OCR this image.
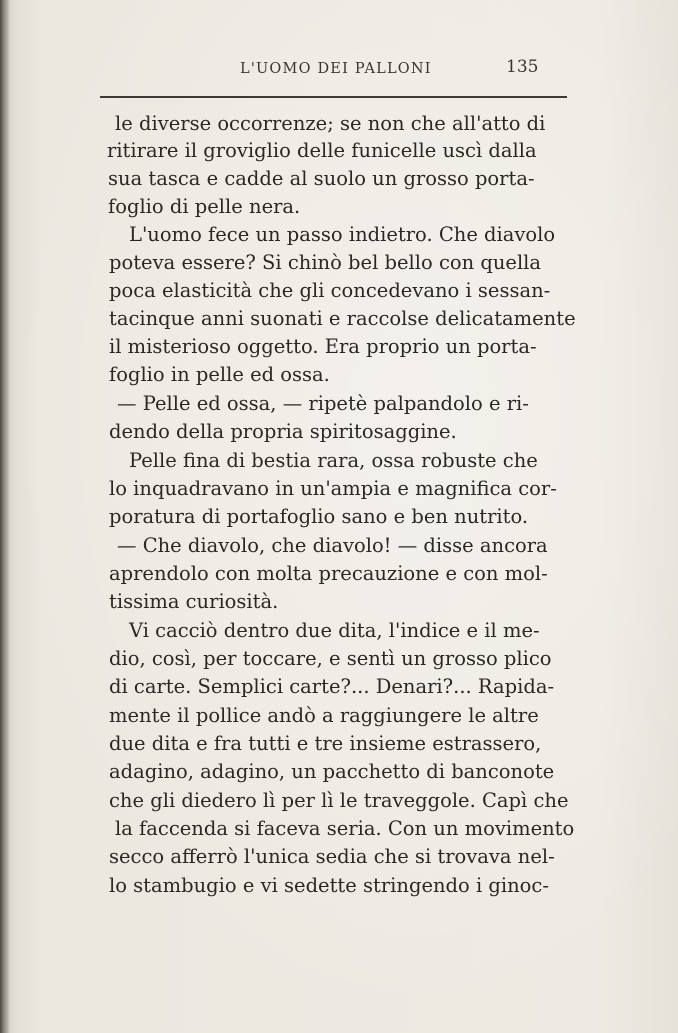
L'UOMO DEI PALLONI	135
le diverse occorrenze; se non che all'atto di
ritirare il groviglio delle funicelle uscì dalla
sua tasca e cadde al suolo un grosso porta-
foglio di pelle nera.
L'uomo fece un passo indietro. Che diavolo
poteva essere? Si chinò bel bello con quella
poca elasticità che gli concedevano i sessan-
tacinque anni suonati e raccolse delicatamente
il misterioso oggetto. Era proprio un porta-
foglio in pelle ed ossa.
— Pelle ed ossa, — ripetè palpandolo e ri-
dendo della propria spiritosaggine.
Pelle fina di bestia rara, ossa robuste che
lo inquadravano in un'ampia e magnifica cor-
poratura di portafoglio sano e ben nutrito.
— Che diavolo, che diavolo! — disse ancora
aprendolo con molta precauzione e con mol-
tissima curiosità.
Vi cacciò dentro due dita, l'indice e il me-
dio, così, per toccare, e sentì un grosso plico
di carte. Semplici carte?... Denari?... Rapida-
mente il pollice andò a raggiungere le altre
due dita e fra tutti e tre insieme estrassero,
adagino, adagino, un pacchetto di banconote
che gli diedero lì per lì le traveggole. Capì che
la faccenda si faceva seria. Con un movimento
secco afferrò l'unica sedia che si trovava nel-
lo stambugio e vi sedette stringendo i ginoc-
